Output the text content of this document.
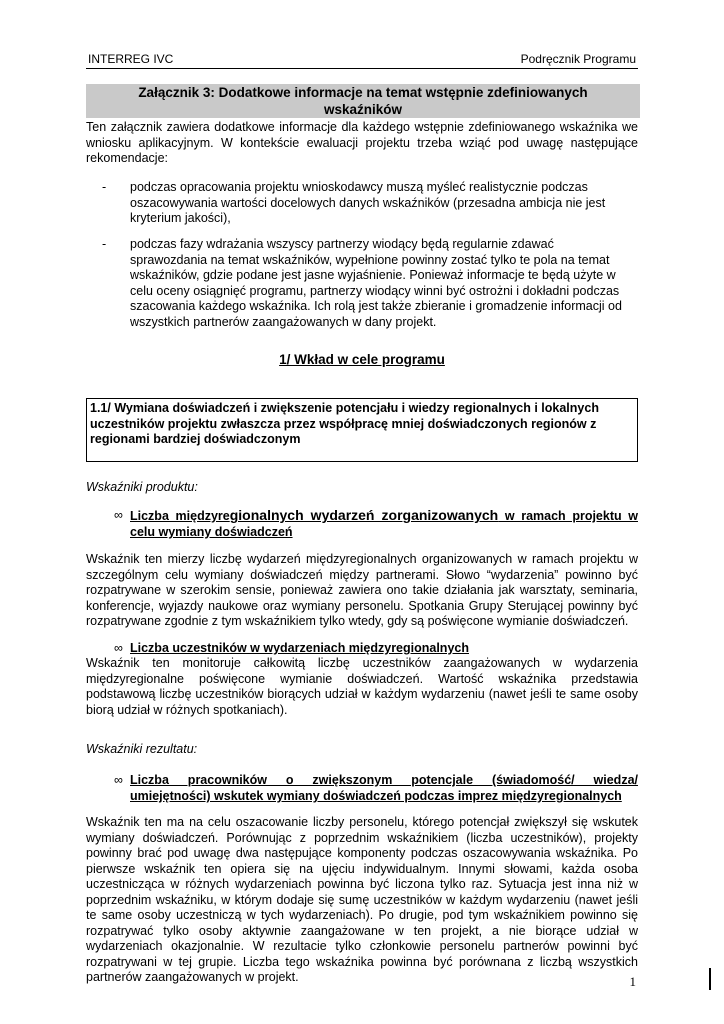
INTERREG IVC	Podręcznik Programu
Załącznik 3: Dodatkowe informacje na temat wstępnie zdefiniowanych
wskaźników
Ten załącznik zawiera dodatkowe informacje dla każdego wstępnie zdefiniowanego wskaźnika we wniosku aplikacyjnym. W kontekście ewaluacji projektu trzeba wziąć pod uwagę następujące rekomendacje:
- podczas opracowania projektu wnioskodawcy muszą myśleć realistycznie podczas oszacowywania wartości docelowych danych wskaźników (przesadna ambicja nie jest kryterium jakości),
- podczas fazy wdrażania wszyscy partnerzy wiodący będą regularnie zdawać sprawozdania na temat wskaźników, wypełnione powinny zostać tylko te pola na temat wskaźników, gdzie podane jest jasne wyjaśnienie. Ponieważ informacje te będą użyte w celu oceny osiągnięć programu, partnerzy wiodący winni być ostrożni i dokładni podczas szacowania każdego wskaźnika. Ich rolą jest także zbieranie i gromadzenie informacji od wszystkich partnerów zaangażowanych w dany projekt.
1/ Wkład w cele programu
1.1/ Wymiana doświadczeń i zwiększenie potencjału i wiedzy regionalnych i lokalnych uczestników projektu zwłaszcza przez współpracę mniej doświadczonych regionów z regionami bardziej doświadczonym
Wskaźniki produktu:
∞ Liczba międzyregionalnych wydarzeń zorganizowanych w ramach projektu w
celu wymiany doświadczeń
Wskaźnik ten mierzy liczbę wydarzeń międzyregionalnych organizowanych w ramach projektu w szczególnym celu wymiany doświadczeń między partnerami. Słowo “wydarzenia” powinno być rozpatrywane w szerokim sensie, ponieważ zawiera ono takie działania jak warsztaty, seminaria, konferencje, wyjazdy naukowe oraz wymiany personelu. Spotkania Grupy Sterującej powinny być rozpatrywane zgodnie z tym wskaźnikiem tylko wtedy, gdy są poświęcone wymianie doświadczeń.
∞ Liczba uczestników w wydarzeniach międzyregionalnych
Wskaźnik ten monitoruje całkowitą liczbę uczestników zaangażowanych w wydarzenia międzyregionalne poświęcone wymianie doświadczeń. Wartość wskaźnika przedstawia podstawową liczbę uczestników biorących udział w każdym wydarzeniu (nawet jeśli te same osoby biorą udział w różnych spotkaniach).
Wskaźniki rezultatu:
∞ Liczba pracowników o zwiększonym potencjale (świadomość/ wiedza/
umiejętności) wskutek wymiany doświadczeń podczas imprez międzyregionalnych
Wskaźnik ten ma na celu oszacowanie liczby personelu, którego potencjał zwiększył się wskutek wymiany doświadczeń. Porównując z poprzednim wskaźnikiem (liczba uczestników), projekty powinny brać pod uwagę dwa następujące komponenty podczas oszacowywania wskaźnika. Po pierwsze wskaźnik ten opiera się na ujęciu indywidualnym. Innymi słowami, każda osoba uczestnicząca w różnych wydarzeniach powinna być liczona tylko raz. Sytuacja jest inna niż w poprzednim wskaźniku, w którym dodaje się sumę uczestników w każdym wydarzeniu (nawet jeśli te same osoby uczestniczą w tych wydarzeniach). Po drugie, pod tym wskaźnikiem powinno się rozpatrywać tylko osoby aktywnie zaangażowane w ten projekt, a nie biorące udział w wydarzeniach okazjonalnie. W rezultacie tylko członkowie personelu partnerów powinni być rozpatrywani w tej grupie. Liczba tego wskaźnika powinna być porównana z liczbą wszystkich partnerów zaangażowanych w projekt.	1
